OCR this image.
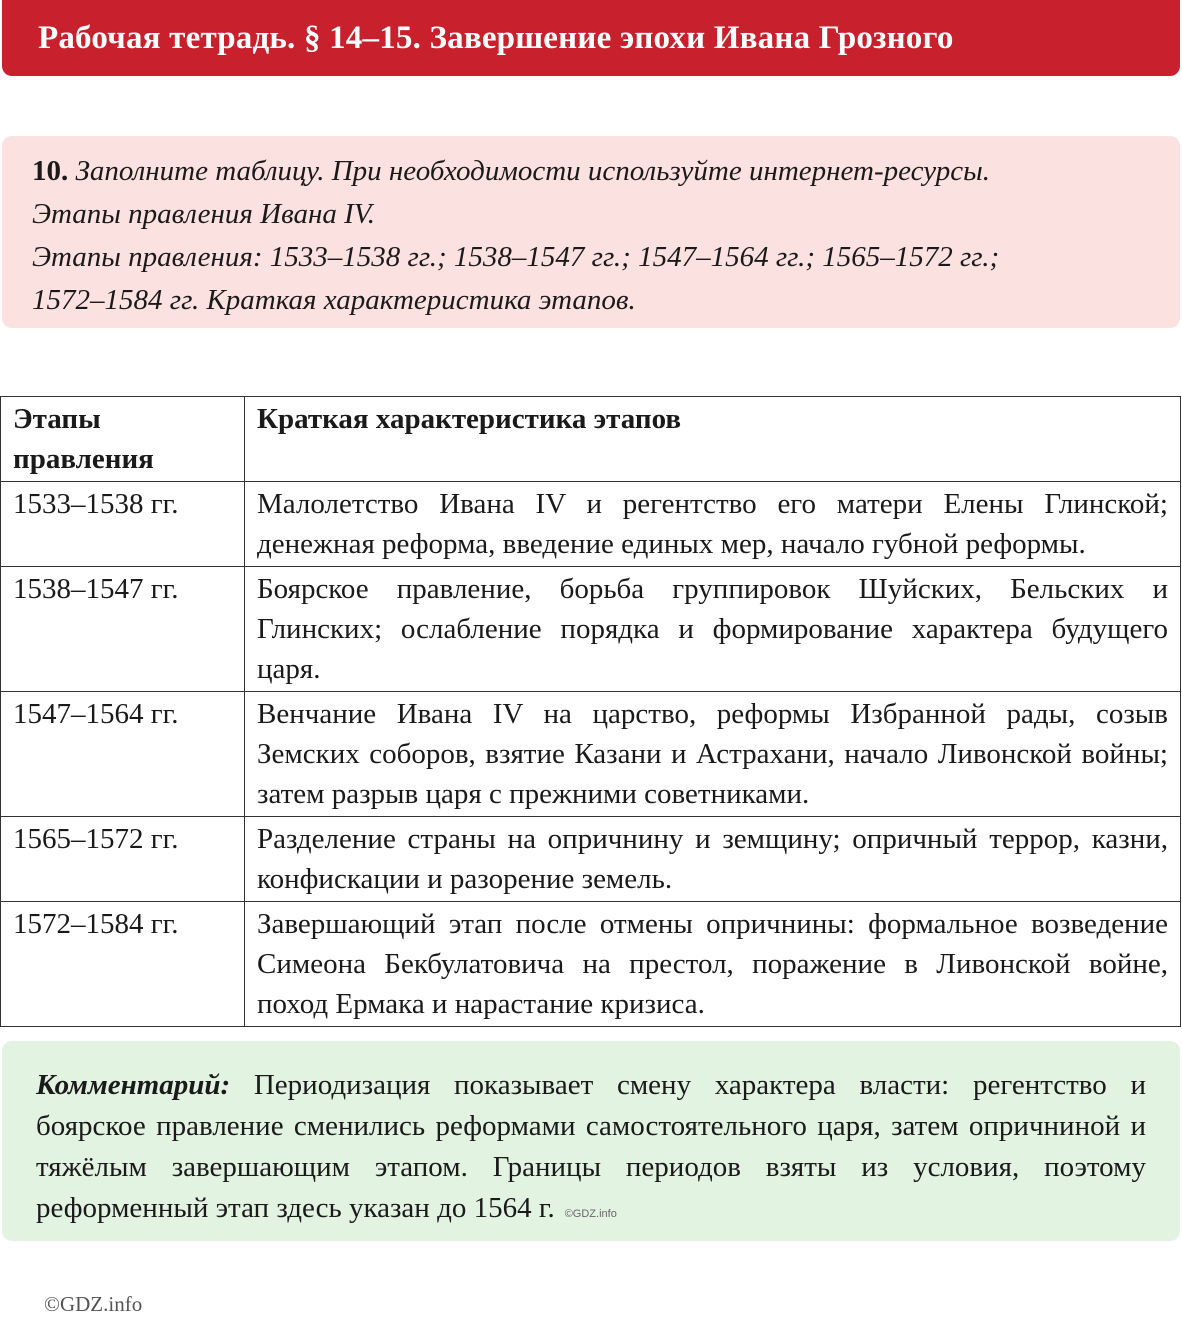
Рабочая тетрадь. § 14–15. Завершение эпохи Ивана Грозного

10. Заполните таблицу. При необходимости используйте интернет-ресурсы.

Этапы правления Ивана IV.

Этапы правления: 1533–1538 гг.; 1538–1547 гг.; 1547–1564 гг.; 1565–1572 гг.;

1572–1584 гг. Краткая характеристика этапов.

Этапы правления	Краткая характеристика этапов
1533–1538 гг.	Малолетство Ивана IV и регентство его матери Елены Глинской; денежная реформа, введение единых мер, начало губной реформы.
1538–1547 гг.	Боярское правление, борьба группировок Шуйских, Бельских и Глинских; ослабление порядка и формирование характера будущего царя.
1547–1564 гг.	Венчание Ивана IV на царство, реформы Избранной рады, созыв Земских соборов, взятие Казани и Астрахани, начало Ливонской войны; затем разрыв царя с прежними советниками.
1565–1572 гг.	Разделение страны на опричнину и земщину; опричный террор, казни, конфискации и разорение земель.
1572–1584 гг.	Завершающий этап после отмены опричнины: формальное возведение Симеона Бекбулатовича на престол, поражение в Ливонской войне, поход Ермака и нарастание кризиса.
Комментарий: Периодизация показывает смену характера власти: регентство и боярское правление сменились реформами самостоятельного царя, затем опричниной и тяжёлым завершающим этапом. Границы периодов взяты из условия, поэтому реформенный этап здесь указан до 1564 г. ©GDZ.info
©GDZ.info
